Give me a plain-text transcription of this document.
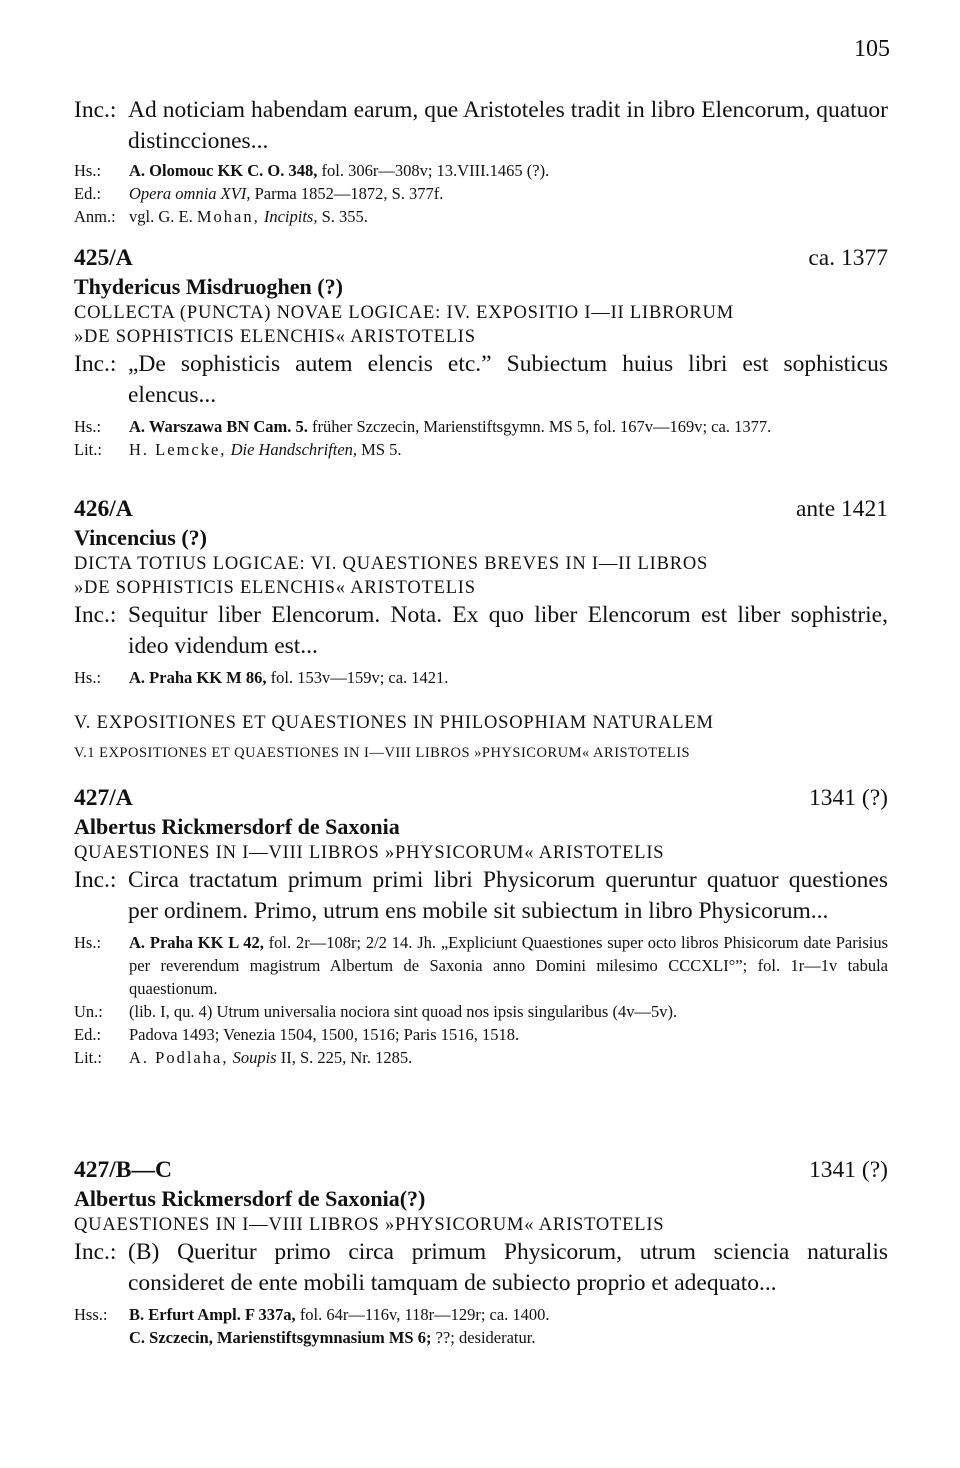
105
Inc.: Ad noticiam habendam earum, que Aristoteles tradit in libro Elencorum, quatuor distincciones...
Hs.:	A. Olomouc KK C. O. 348, fol. 306r—308v; 13.VIII.1465 (?).
Ed.:	Opera omnia XVI, Parma 1852—1872, S. 377f.
Anm.: vgl. G. E. Mohan, Incipits, S. 355.
425/A	ca. 1377
Thydericus Misdruoghen (?)
COLLECTA (PUNCTA) NOVAE LOGICAE: IV. EXPOSITIO I—II LIBRORUM
»DE SOPHISTICIS ELENCHIS« ARISTOTELIS
Inc.: „De sophisticis autem elencis etc.” Subiectum huius libri est sophisticus elencus...
Hs.:	A. Warszawa BN Cam. 5. früher Szczecin, Marienstiftsgymn. MS 5, fol. 167v—169v; ca. 1377.
Lit.:	H. Lemcke, Die Handschriften, MS 5.
426/A	ante 1421
Vincencius (?)
DICTA TOTIUS LOGICAE: VI. QUAESTIONES BREVES IN I—II LIBROS
»DE SOPHISTICIS ELENCHIS« ARISTOTELIS
Inc.: Sequitur liber Elencorum. Nota. Ex quo liber Elencorum est liber sophistrie, ideo videndum est...
Hs.:	A. Praha KK M 86, fol. 153v—159v; ca. 1421.
V. EXPOSITIONES ET QUAESTIONES IN PHILOSOPHIAM NATURALEM
V.1 EXPOSITIONES ET QUAESTIONES IN I—VIII LIBROS »PHYSICORUM« ARISTOTELIS
427/A	1341 (?)
Albertus Rickmersdorf de Saxonia
QUAESTIONES IN I—VIII LIBROS »PHYSICORUM« ARISTOTELIS
Inc.: Circa tractatum primum primi libri Physicorum queruntur quatuor questiones per ordinem. Primo, utrum ens mobile sit subiectum in libro Physicorum...
Hs.:	A. Praha KK L 42, fol. 2r—108r; 2/2 14. Jh. „Expliciunt Quaestiones super octo libros Phisicorum date Parisius per reverendum magistrum Albertum de Saxonia anno Domini milesimo CCCXLI°”; fol. 1r—1v tabula quaestionum.
Un.:	(lib. I, qu. 4) Utrum universalia nociora sint quoad nos ipsis singularibus (4v—5v).
Ed.:	Padova 1493; Venezia 1504, 1500, 1516; Paris 1516, 1518.
Lit.:	A. Podlaha, Soupis II, S. 225, Nr. 1285.
427/B—C	1341 (?)
Albertus Rickmersdorf de Saxonia(?)
QUAESTIONES IN I—VIII LIBROS »PHYSICORUM« ARISTOTELIS
Inc.: (B) Queritur primo circa primum Physicorum, utrum sciencia naturalis consideret de ente mobili tamquam de subiecto proprio et adequato...
Hss.:	B. Erfurt Ampl. F 337a, fol. 64r—116v, 118r—129r; ca. 1400.
C. Szczecin, Marienstiftsgymnasium MS 6; ??; desideratur.
